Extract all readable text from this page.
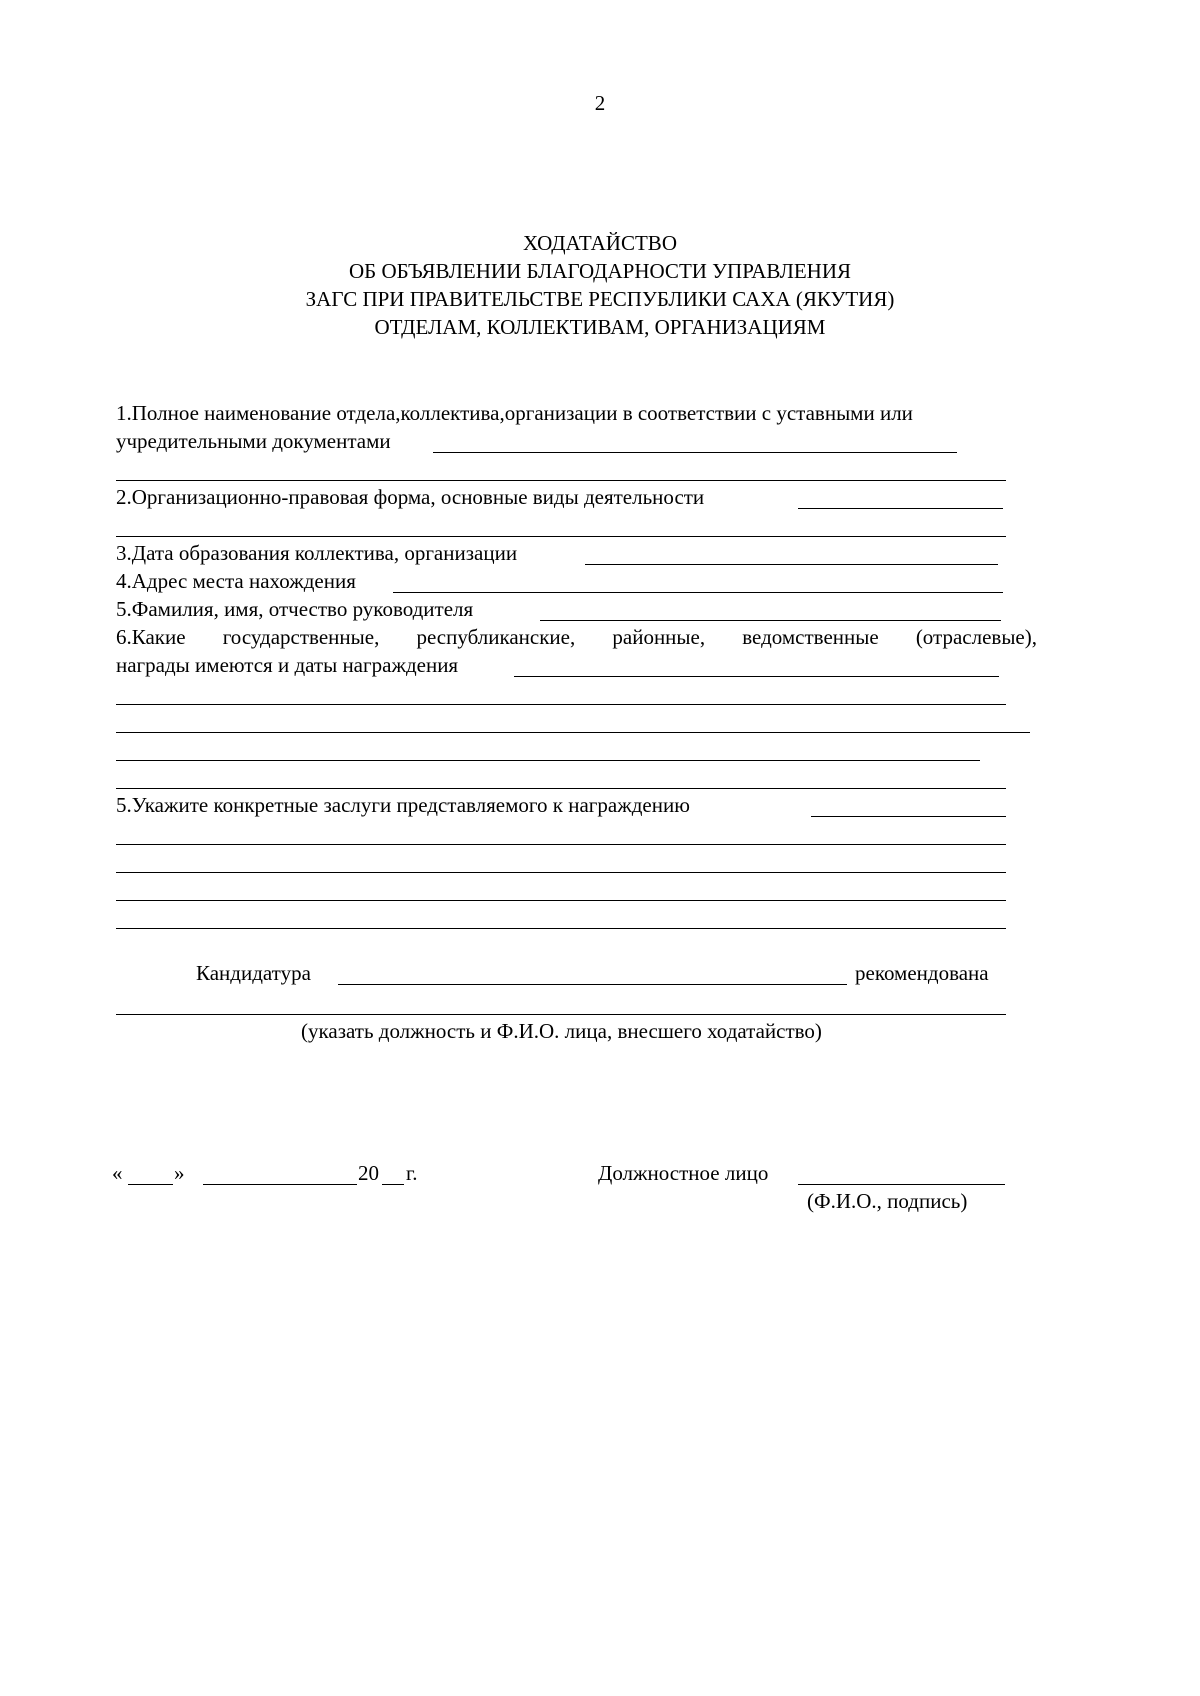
2
ХОДАТАЙСТВО
ОБ ОБЪЯВЛЕНИИ БЛАГОДАРНОСТИ УПРАВЛЕНИЯ
ЗАГС ПРИ ПРАВИТЕЛЬСТВЕ РЕСПУБЛИКИ САХА (ЯКУТИЯ)
ОТДЕЛАМ, КОЛЛЕКТИВАМ, ОРГАНИЗАЦИЯМ
1.Полное наименование отдела,коллектива,организации в соответствии с уставными или
учредительными документами
2.Организационно-правовая форма, основные виды деятельности
3.Дата образования коллектива, организации
4.Адрес места нахождения
5.Фамилия, имя, отчество руководителя
6.Какие государственные, республиканские, районные, ведомственные (отраслевые),
награды имеются и даты награждения
5.Укажите конкретные заслуги представляемого к награждению
Кандидатура	рекомендована
(указать должность и Ф.И.О. лица, внесшего ходатайство)
« »	20 г.	Должностное лицо
(Ф.И.О., подпись)
